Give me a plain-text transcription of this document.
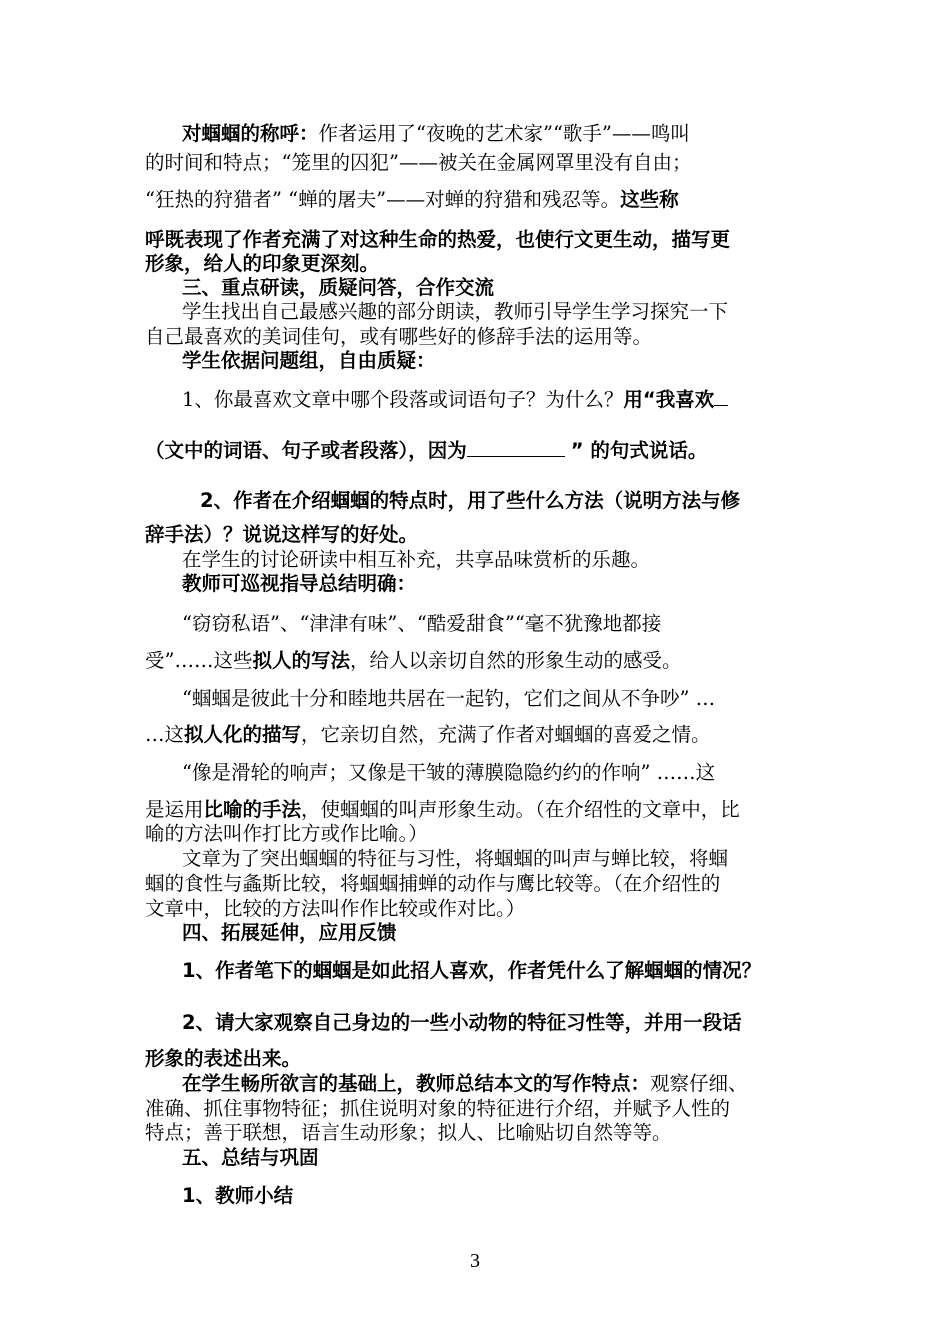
对蝈蝈的称呼：作者运用了“夜晚的艺术家”“歌手”——鸣叫

的时间和特点；“笼里的囚犯”——被关在金属网罩里没有自由；

“狂热的狩猎者” “蝉的屠夫”——对蝉的狩猎和残忍等。这些称

呼既表现了作者充满了对这种生命的热爱，也使行文更生动，描写更

形象，给人的印象更深刻。

三、重点研读，质疑问答，合作交流

学生找出自己最感兴趣的部分朗读，教师引导学生学习探究一下

自己最喜欢的美词佳句，或有哪些好的修辞手法的运用等。

学生依据问题组，自由质疑：

1、你最喜欢文章中哪个段落或词语句子？为什么？用“我喜欢

（文中的词语、句子或者段落），因为	” 的句式说话。

2、作者在介绍蝈蝈的特点时，用了些什么方法（说明方法与修

辞手法）？说说这样写的好处。

在学生的讨论研读中相互补充，共享品味赏析的乐趣。

教师可巡视指导总结明确：

“窃窃私语”、“津津有味”、“酷爱甜食”“毫不犹豫地都接

受”……这些拟人的写法，给人以亲切自然的形象生动的感受。

“蝈蝈是彼此十分和睦地共居在一起钓，它们之间从不争吵” …

…这拟人化的描写，它亲切自然，充满了作者对蝈蝈的喜爱之情。

“像是滑轮的响声；又像是干皱的薄膜隐隐约约的作响” ……这

是运用比喻的手法，使蝈蝈的叫声形象生动。（在介绍性的文章中，比

喻的方法叫作打比方或作比喻。）

文章为了突出蝈蝈的特征与习性，将蝈蝈的叫声与蝉比较，将蝈

蝈的食性与螽斯比较，将蝈蝈捕蝉的动作与鹰比较等。（在介绍性的

文章中，比较的方法叫作作比较或作对比。）

四、拓展延伸，应用反馈

1、作者笔下的蝈蝈是如此招人喜欢，作者凭什么了解蝈蝈的情况？

2、请大家观察自己身边的一些小动物的特征习性等，并用一段话

形象的表述出来。

在学生畅所欲言的基础上，教师总结本文的写作特点：观察仔细、

准确、抓住事物特征；抓住说明对象的特征进行介绍，并赋予人性的

特点；善于联想，语言生动形象；拟人、比喻贴切自然等等。

五、总结与巩固

1、教师小结

3
